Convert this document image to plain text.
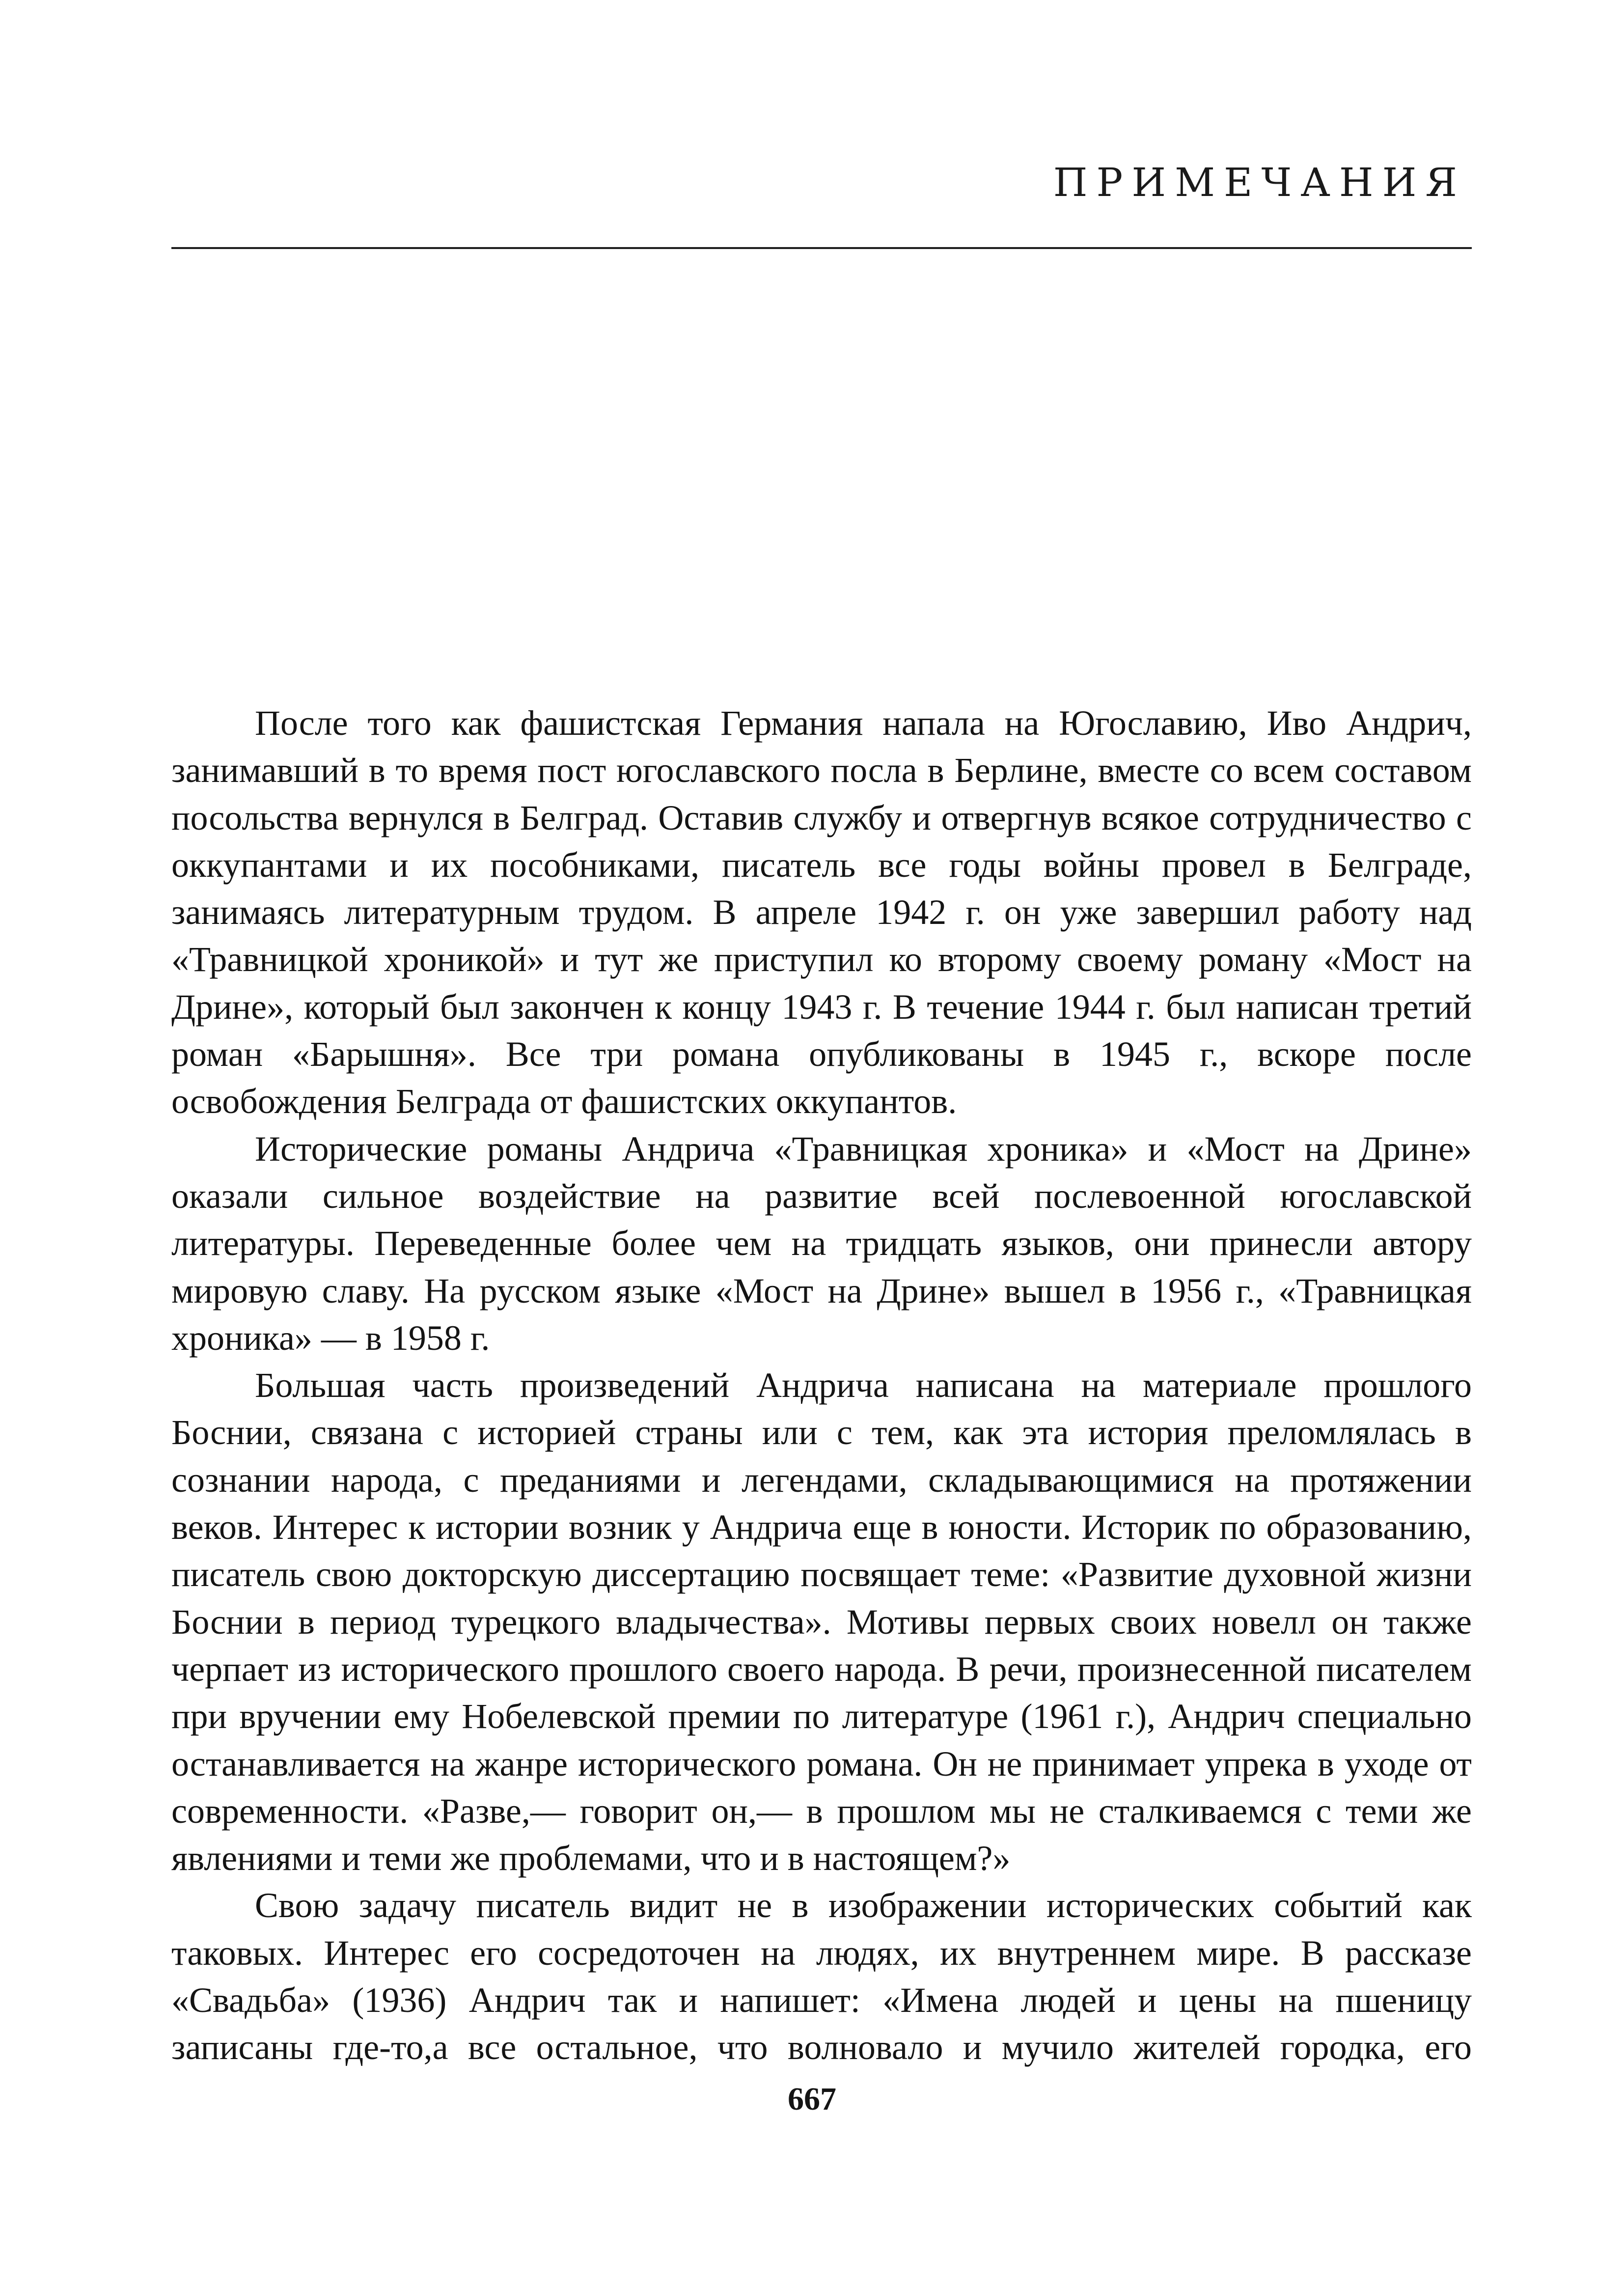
ПРИМЕЧАНИЯ

После того как фашистская Германия напала на Югославию, Иво Андрич, занимавший в то время пост югославского посла в Берлине, вместе со всем составом посольства вернулся в Белград. Оставив службу и отвергнув всякое сотрудничество с оккупантами и их пособниками, писатель все годы войны провел в Белграде, занимаясь литературным трудом. В апреле 1942 г. он уже завершил работу над «Травницкой хроникой» и тут же приступил ко второму своему роману «Мост на Дрине», который был закончен к концу 1943 г. В течение 1944 г. был написан третий роман «Барышня». Все три романа опубликованы в 1945 г., вскоре после освобождения Белграда от фашистских оккупантов.

Исторические романы Андрича «Травницкая хроника» и «Мост на Дрине» оказали сильное воздействие на развитие всей послевоенной югославской литературы. Переведенные более чем на тридцать языков, они принесли автору мировую славу. На русском языке «Мост на Дрине» вышел в 1956 г., «Травницкая хроника» — в 1958 г.

Большая часть произведений Андрича написана на материале прошлого Боснии, связана с историей страны или с тем, как эта история преломлялась в сознании народа, с преданиями и легендами, складывающимися на протяжении веков. Интерес к истории возник у Андрича еще в юности. Историк по образованию, писатель свою докторскую диссертацию посвящает теме: «Развитие духовной жизни Боснии в период турецкого владычества». Мотивы первых своих новелл он также черпает из исторического прошлого своего народа. В речи, произнесенной писателем при вручении ему Нобелевской премии по литературе (1961 г.), Андрич специально останавливается на жанре исторического романа. Он не принимает упрека в уходе от современности. «Разве,— говорит он,— в прошлом мы не сталкиваемся с теми же явлениями и теми же проблемами, что и в настоящем?»

Свою задачу писатель видит не в изображении исторических событий как таковых. Интерес его сосредоточен на людях, их внутреннем мире. В рассказе «Свадьба» (1936) Андрич так и напишет: «Имена людей и цены на пшеницу записаны где-то,а все остальное, что волновало и мучило жителей городка, его

667
